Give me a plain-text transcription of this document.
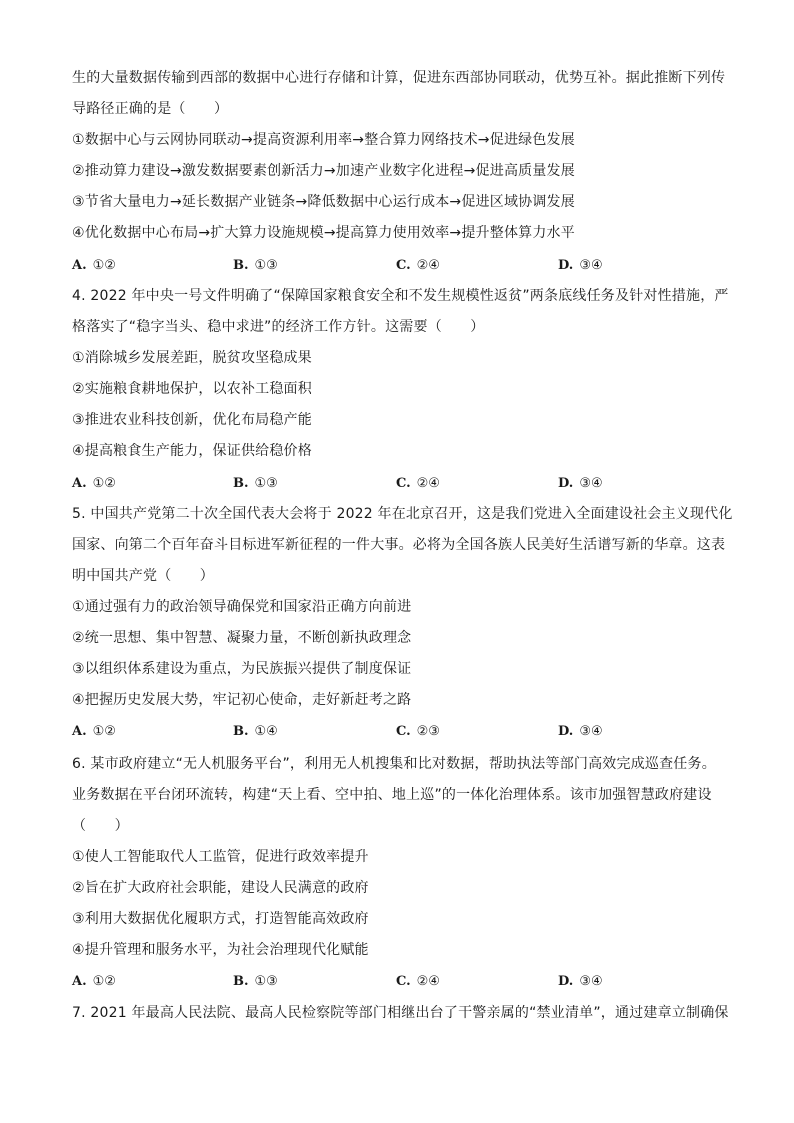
生的大量数据传输到西部的数据中心进行存储和计算，促进东西部协同联动，优势互补。据此推断下列传
导路径正确的是（　　）
①数据中心与云网协同联动→提高资源利用率→整合算力网络技术→促进绿色发展
②推动算力建设→激发数据要素创新活力→加速产业数字化进程→促进高质量发展
③节省大量电力→延长数据产业链条→降低数据中心运行成本→促进区域协调发展
④优化数据中心布局→扩大算力设施规模→提高算力使用效率→提升整体算力水平
A. ①②	B. ①③	C. ②④	D. ③④
4. 2022 年中央一号文件明确了“保障国家粮食安全和不发生规模性返贫”两条底线任务及针对性措施，严
格落实了“稳字当头、稳中求进”的经济工作方针。这需要（　　）
①消除城乡发展差距，脱贫攻坚稳成果
②实施粮食耕地保护，以农补工稳面积
③推进农业科技创新，优化布局稳产能
④提高粮食生产能力，保证供给稳价格
A. ①②	B. ①③	C. ②④	D. ③④
5. 中国共产党第二十次全国代表大会将于 2022 年在北京召开，这是我们党进入全面建设社会主义现代化
国家、向第二个百年奋斗目标进军新征程的一件大事。必将为全国各族人民美好生活谱写新的华章。这表
明中国共产党（　　）
①通过强有力的政治领导确保党和国家沿正确方向前进
②统一思想、集中智慧、凝聚力量，不断创新执政理念
③以组织体系建设为重点，为民族振兴提供了制度保证
④把握历史发展大势，牢记初心使命，走好新赶考之路
A. ①②	B. ①④	C. ②③	D. ③④
6. 某市政府建立“无人机服务平台”，利用无人机搜集和比对数据，帮助执法等部门高效完成巡查任务。
业务数据在平台闭环流转，构建“天上看、空中拍、地上巡”的一体化治理体系。该市加强智慧政府建设
（　　）
①使人工智能取代人工监管，促进行政效率提升
②旨在扩大政府社会职能，建设人民满意的政府
③利用大数据优化履职方式，打造智能高效政府
④提升管理和服务水平，为社会治理现代化赋能
A. ①②	B. ①③	C. ②④	D. ③④
7. 2021 年最高人民法院、最高人民检察院等部门相继出台了干警亲属的“禁业清单”，通过建章立制确保
